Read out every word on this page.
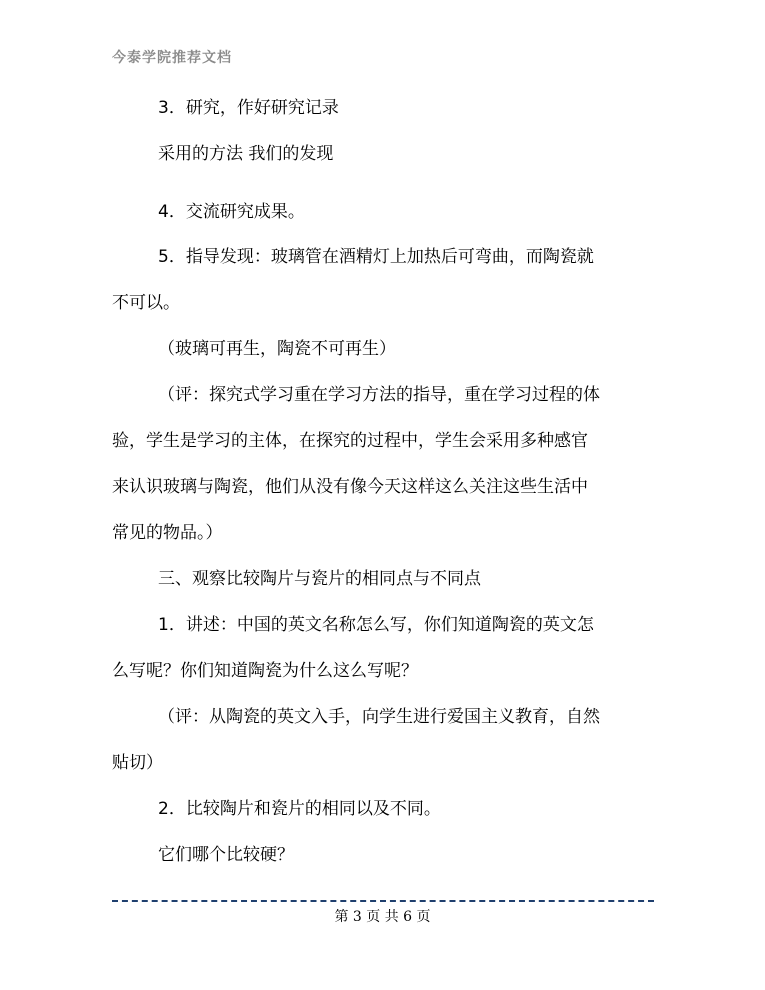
今泰学院推荐文档

3．研究，作好研究记录

采用的方法 我们的发现

4．交流研究成果。

5．指导发现：玻璃管在酒精灯上加热后可弯曲，而陶瓷就

不可以。

（玻璃可再生，陶瓷不可再生）

（评：探究式学习重在学习方法的指导，重在学习过程的体

验，学生是学习的主体，在探究的过程中，学生会采用多种感官

来认识玻璃与陶瓷，他们从没有像今天这样这么关注这些生活中

常见的物品。）

三、观察比较陶片与瓷片的相同点与不同点

1．讲述：中国的英文名称怎么写，你们知道陶瓷的英文怎

么写呢？你们知道陶瓷为什么这么写呢？

（评：从陶瓷的英文入手，向学生进行爱国主义教育，自然

贴切）

2．比较陶片和瓷片的相同以及不同。

它们哪个比较硬？

第 3 页 共 6 页
